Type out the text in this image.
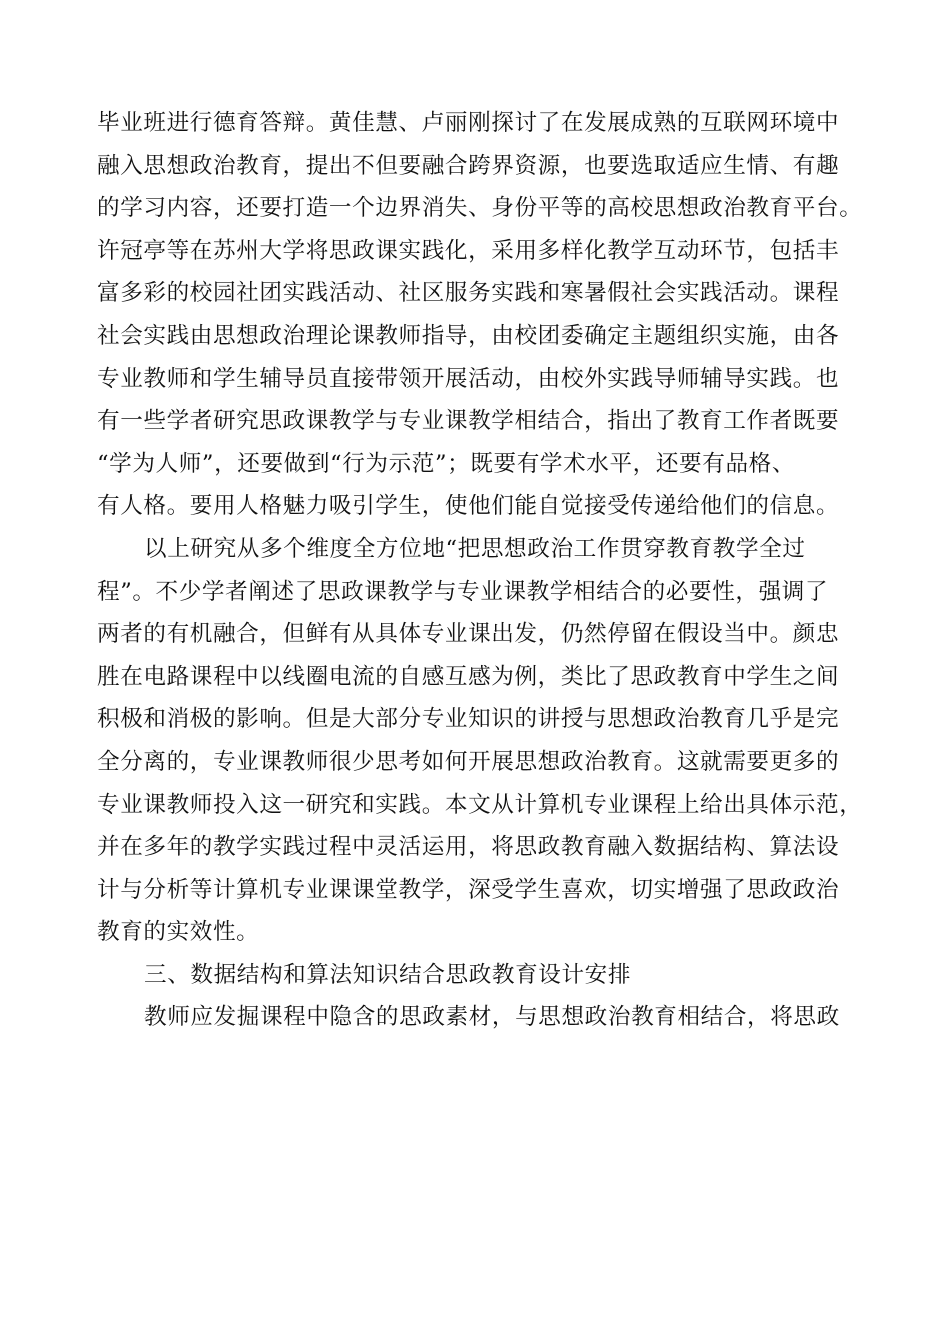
毕业班进行德育答辩。黄佳慧、卢丽刚探讨了在发展成熟的互联网环境中
融入思想政治教育，提出不但要融合跨界资源，也要选取适应生情、有趣
的学习内容，还要打造一个边界消失、身份平等的高校思想政治教育平台。
许冠亭等在苏州大学将思政课实践化，采用多样化教学互动环节，包括丰
富多彩的校园社团实践活动、社区服务实践和寒暑假社会实践活动。课程
社会实践由思想政治理论课教师指导，由校团委确定主题组织实施，由各
专业教师和学生辅导员直接带领开展活动，由校外实践导师辅导实践。也
有一些学者研究思政课教学与专业课教学相结合，指出了教育工作者既要
“学为人师”，还要做到“行为示范”；既要有学术水平，还要有品格、
有人格。要用人格魅力吸引学生，使他们能自觉接受传递给他们的信息。
以上研究从多个维度全方位地“把思想政治工作贯穿教育教学全过
程”。不少学者阐述了思政课教学与专业课教学相结合的必要性，强调了
两者的有机融合，但鲜有从具体专业课出发，仍然停留在假设当中。颜忠
胜在电路课程中以线圈电流的自感互感为例，类比了思政教育中学生之间
积极和消极的影响。但是大部分专业知识的讲授与思想政治教育几乎是完
全分离的，专业课教师很少思考如何开展思想政治教育。这就需要更多的
专业课教师投入这一研究和实践。本文从计算机专业课程上给出具体示范，
并在多年的教学实践过程中灵活运用，将思政教育融入数据结构、算法设
计与分析等计算机专业课课堂教学，深受学生喜欢，切实增强了思政政治
教育的实效性。
三、数据结构和算法知识结合思政教育设计安排
教师应发掘课程中隐含的思政素材，与思想政治教育相结合，将思政
